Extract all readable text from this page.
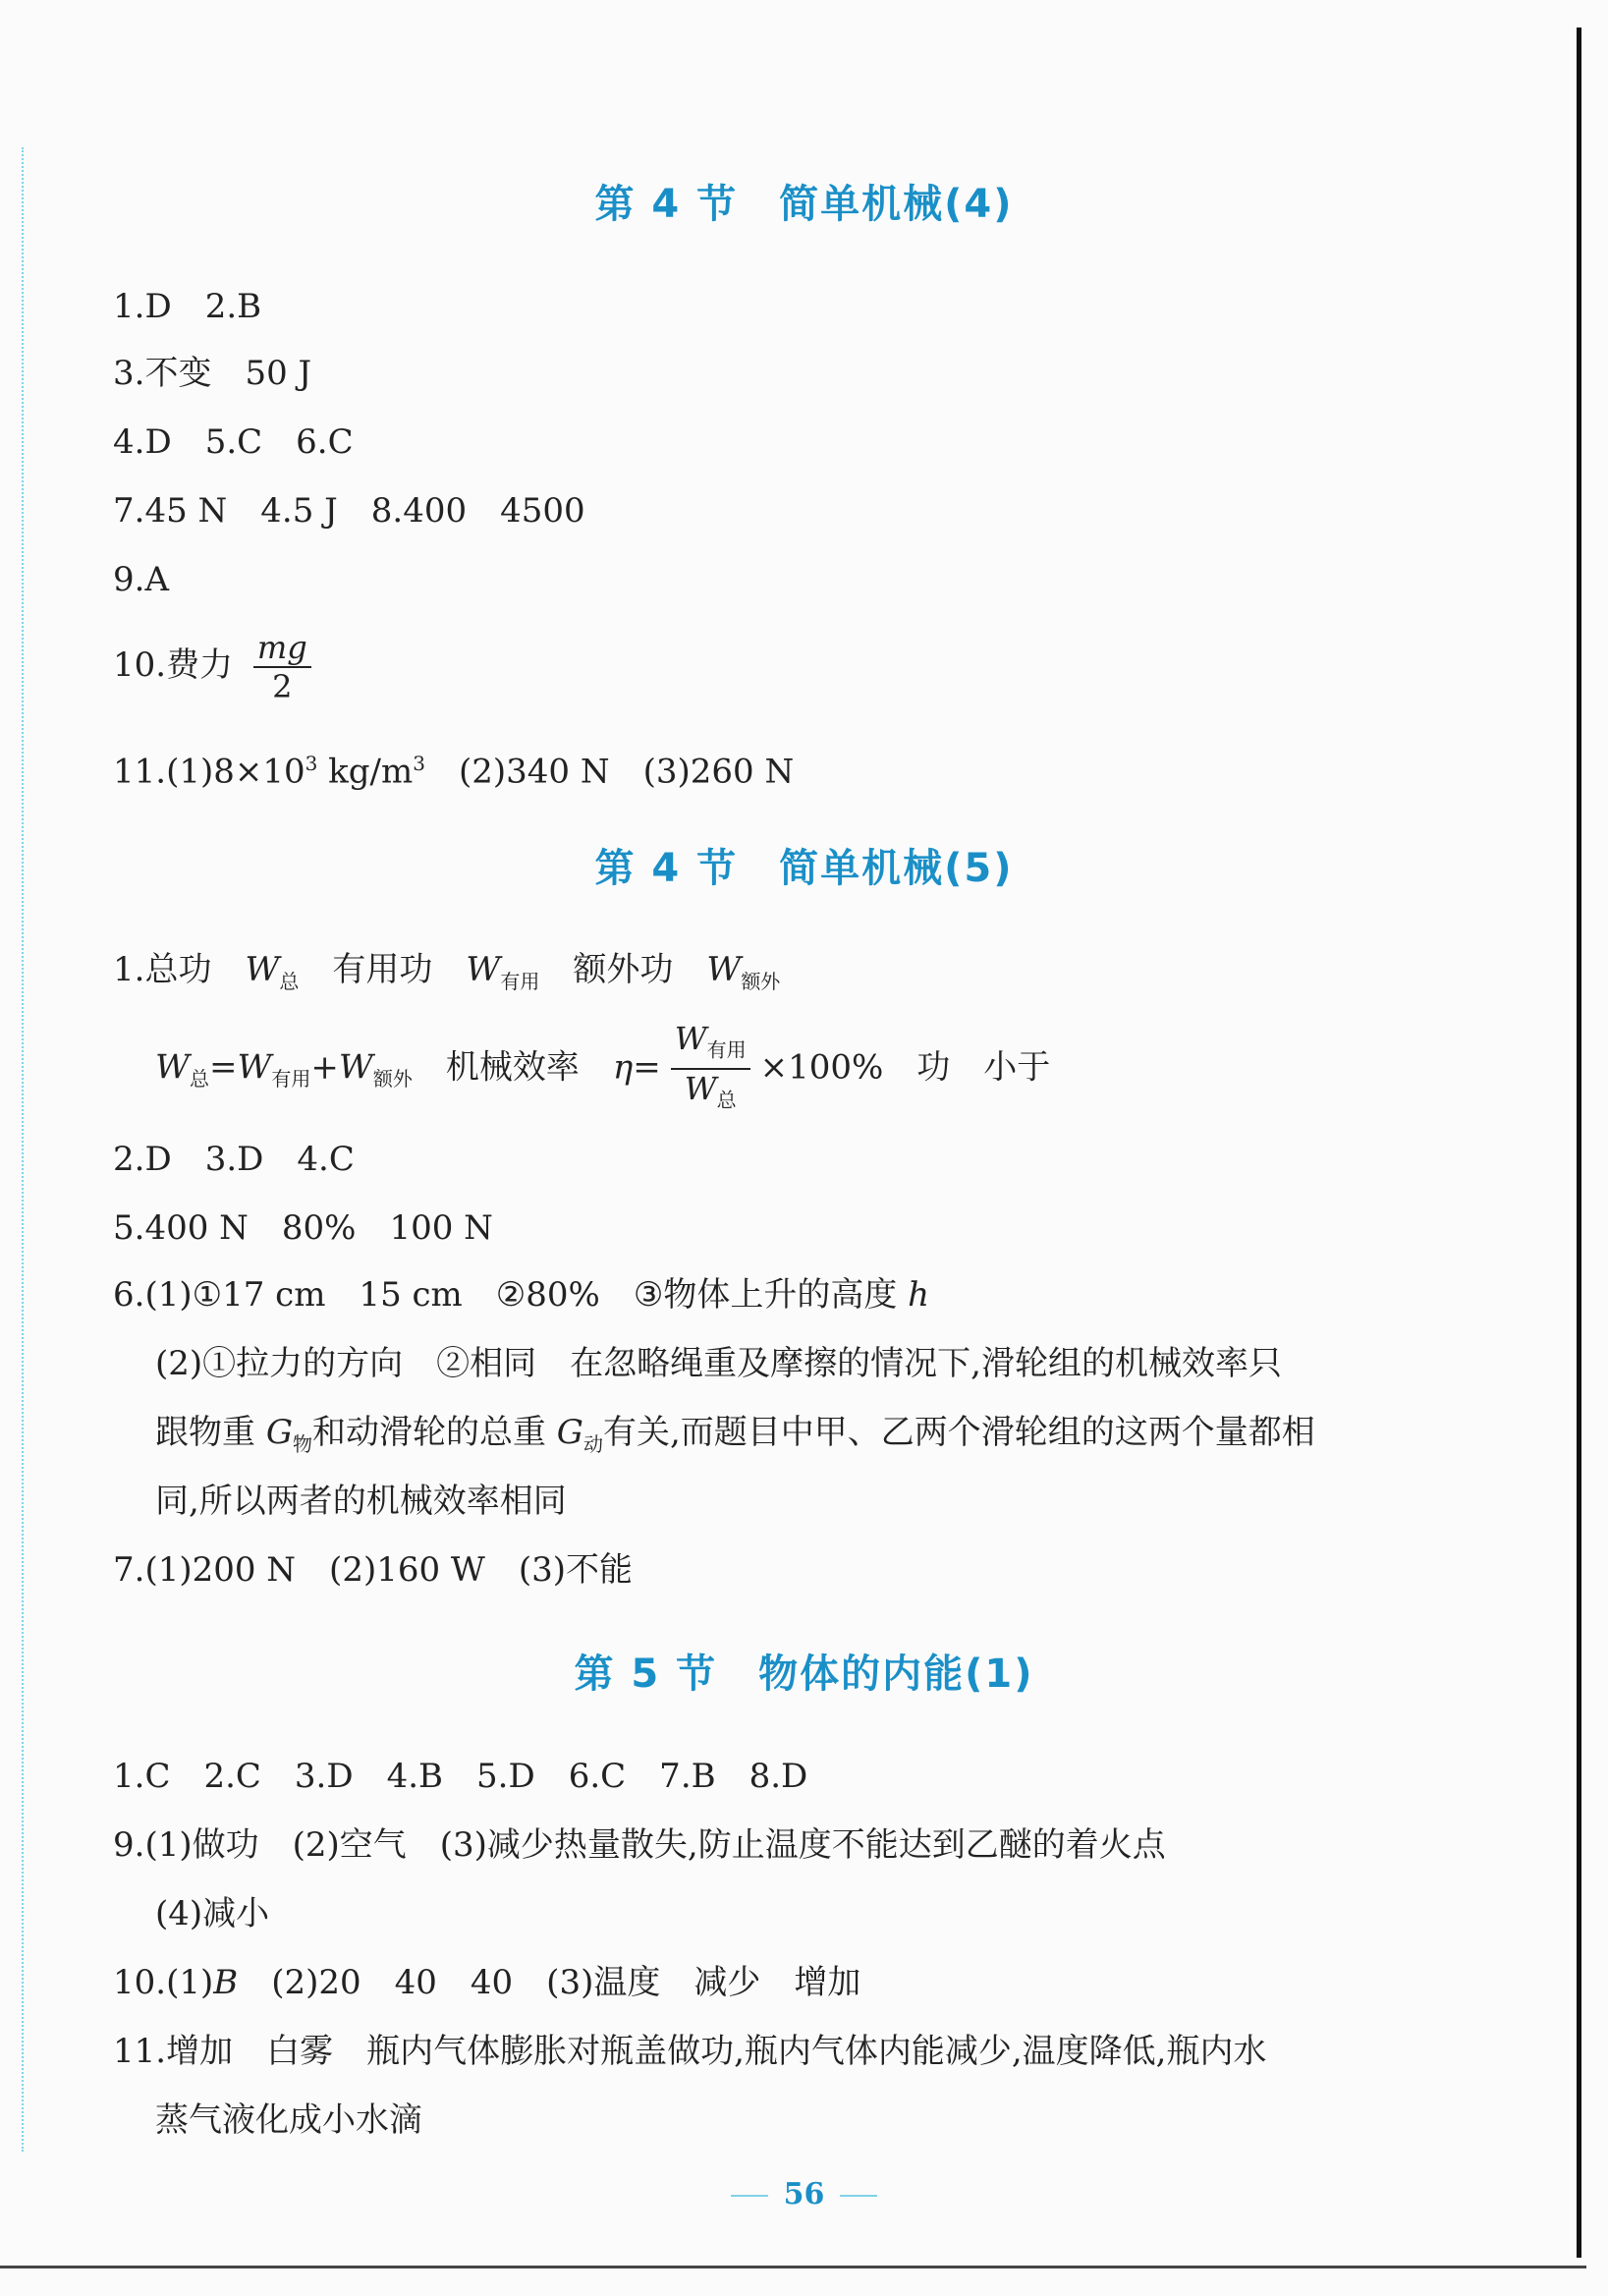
第 4 节　简单机械(4)
1.D　2.B
3.不变　50 J
4.D　5.C　6.C
7.45 N　4.5 J　8.400　4500
9.A
10.费力 $\frac{mg}{2}$
$11.(1)8\times 10^3$ $kg/m^3$　(2)340 N　(3)260 N
第 4 节　简单机械(5)
1.总功　$W_总$　有用功　$W_{有用}$　额外功　$W_{额外}$
$W_总=W_{有用}+W_{额外}$　机械效率　$\eta= \frac{W_{有用}}{W_总} \times 100\%$　功　小于
2.D　3.D　4.C
5.400 N　80%　100 N
6.(1)①17 cm　15 cm　②80%　③物体上升的高度 h
(2)①拉力的方向　②相同　在忽略绳重及摩擦的情况下,滑轮组的机械效率只
跟物重 $G_物$和动滑轮的总重 $G_动$有关,而题目中甲、乙两个滑轮组的这两个量都相
同,所以两者的机械效率相同
7.(1)200 N　(2)160 W　(3)不能
第 5 节　物体的内能(1)
1.C　2.C　3.D　4.B　5.D　6.C　7.B　8.D
9.(1)做功　(2)空气　(3)减少热量散失,防止温度不能达到乙醚的着火点
(4)减小
10.(1)B　(2)20　40　40　(3)温度　减少　增加
11.增加　白雾　瓶内气体膨胀对瓶盖做功,瓶内气体内能减少,温度降低,瓶内水
蒸气液化成小水滴
56
